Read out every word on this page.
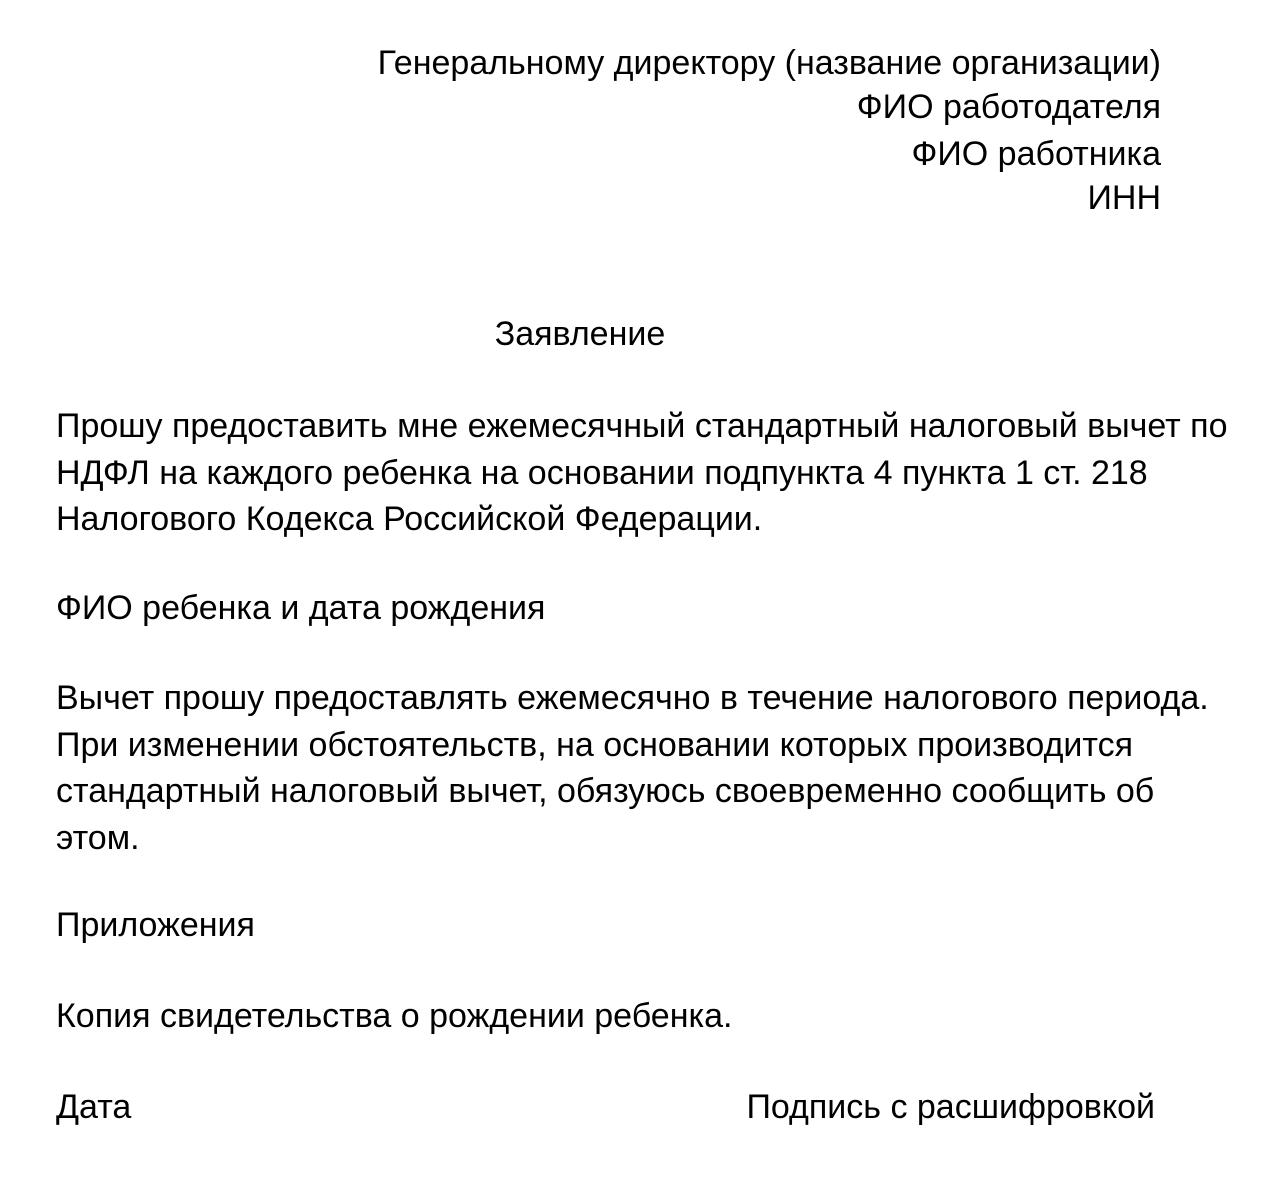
Генеральному директору (название организации)

ФИО работодателя

ФИО работника

ИНН

Заявление

Прошу предоставить мне ежемесячный стандартный налоговый вычет по
НДФЛ на каждого ребенка на основании подпункта 4 пункта 1 ст. 218
Налогового Кодекса Российской Федерации.

ФИО ребенка и дата рождения

Вычет прошу предоставлять ежемесячно в течение налогового периода.
При изменении обстоятельств, на основании которых производится
стандартный налоговый вычет, обязуюсь своевременно сообщить об
этом.

Приложения

Копия свидетельства о рождении ребенка.

Дата	Подпись с расшифровкой
